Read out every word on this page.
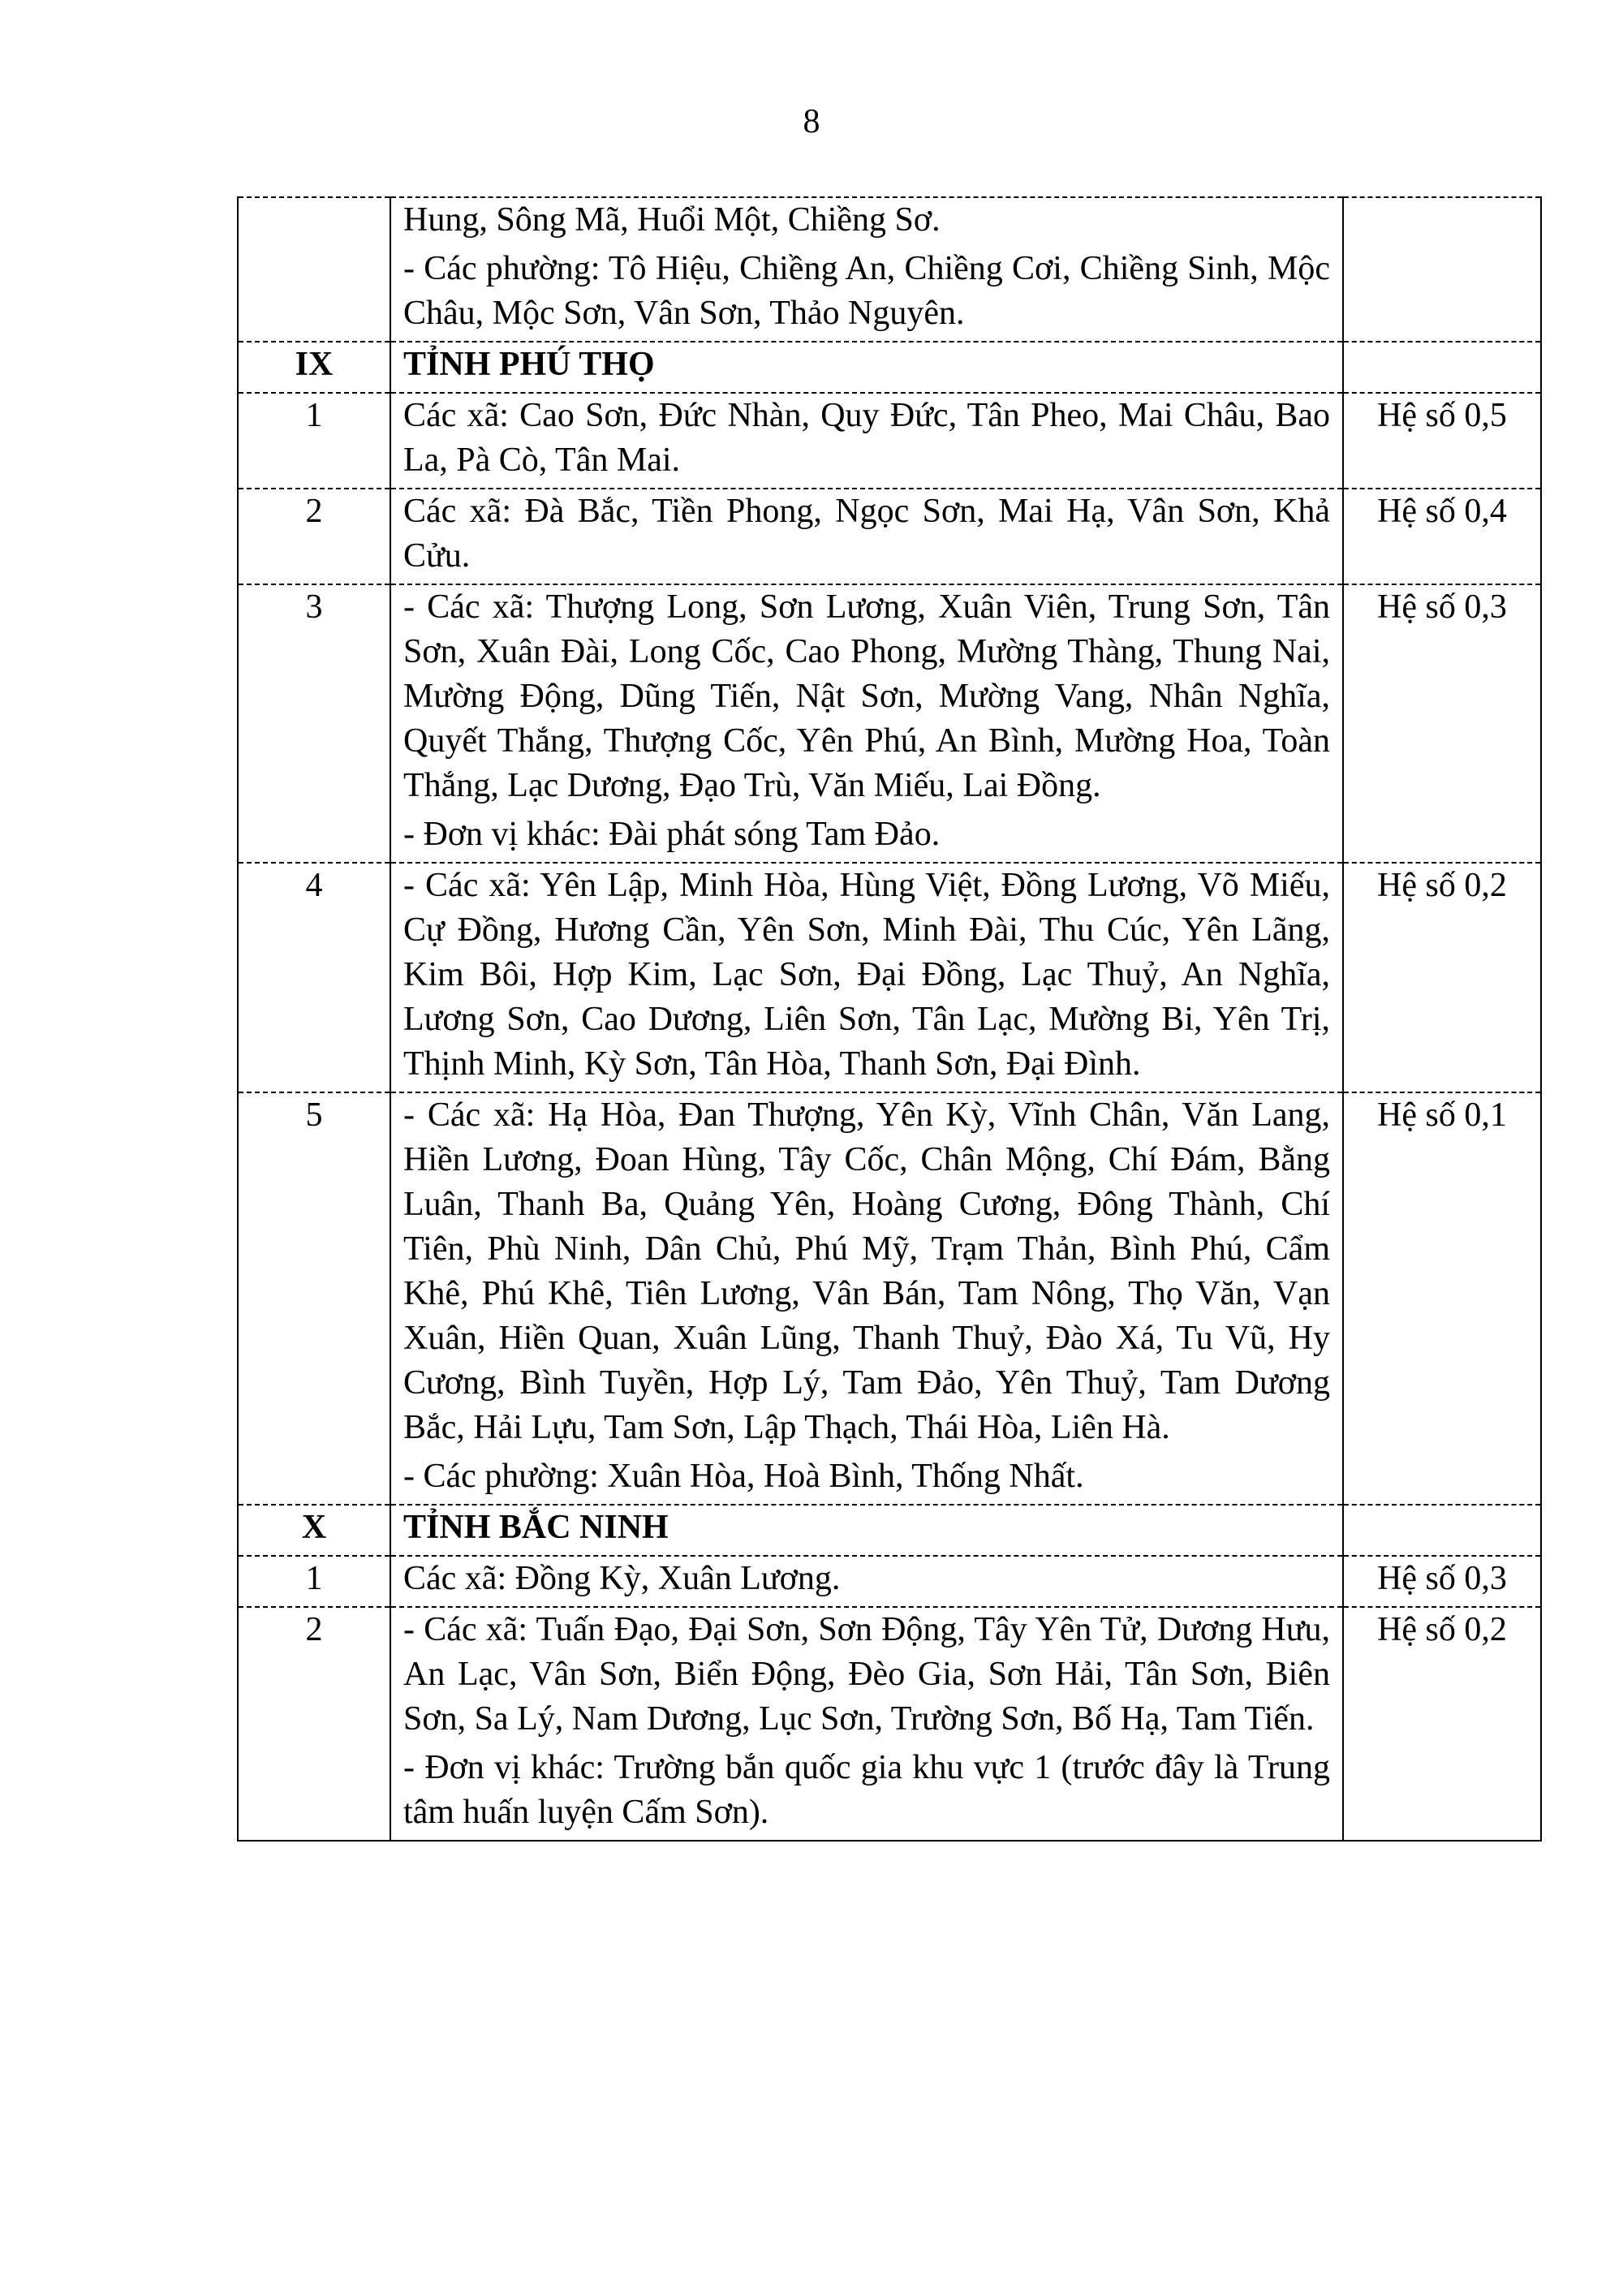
8

	Hung, Sông Mã, Huổi Một, Chiềng Sơ.

- Các phường: Tô Hiệu, Chiềng An, Chiềng Cơi, Chiềng Sinh, Mộc Châu, Mộc Sơn, Vân Sơn, Thảo Nguyên.	

IX	TỈNH PHÚ THỌ	
1	Các xã: Cao Sơn, Đức Nhàn, Quy Đức, Tân Pheo, Mai Châu, Bao La, Pà Cò, Tân Mai.	Hệ số 0,5
2	Các xã: Đà Bắc, Tiền Phong, Ngọc Sơn, Mai Hạ, Vân Sơn, Khả Cửu.	Hệ số 0,4
3	- Các xã: Thượng Long, Sơn Lương, Xuân Viên, Trung Sơn, Tân Sơn, Xuân Đài, Long Cốc, Cao Phong, Mường Thàng, Thung Nai, Mường Động, Dũng Tiến, Nật Sơn, Mường Vang, Nhân Nghĩa, Quyết Thắng, Thượng Cốc, Yên Phú, An Bình, Mường Hoa, Toàn Thắng, Lạc Dương, Đạo Trù, Văn Miếu, Lai Đồng.

- Đơn vị khác: Đài phát sóng Tam Đảo.	Hệ số 0,3
4	- Các xã: Yên Lập, Minh Hòa, Hùng Việt, Đồng Lương, Võ Miếu, Cự Đồng, Hương Cần, Yên Sơn, Minh Đài, Thu Cúc, Yên Lãng, Kim Bôi, Hợp Kim, Lạc Sơn, Đại Đồng, Lạc Thuỷ, An Nghĩa, Lương Sơn, Cao Dương, Liên Sơn, Tân Lạc, Mường Bi, Yên Trị, Thịnh Minh, Kỳ Sơn, Tân Hòa, Thanh Sơn, Đại Đình.	Hệ số 0,2
5	- Các xã: Hạ Hòa, Đan Thượng, Yên Kỳ, Vĩnh Chân, Văn Lang, Hiền Lương, Đoan Hùng, Tây Cốc, Chân Mộng, Chí Đám, Bằng Luân, Thanh Ba, Quảng Yên, Hoàng Cương, Đông Thành, Chí Tiên, Phù Ninh, Dân Chủ, Phú Mỹ, Trạm Thản, Bình Phú, Cẩm Khê, Phú Khê, Tiên Lương, Vân Bán, Tam Nông, Thọ Văn, Vạn Xuân, Hiền Quan, Xuân Lũng, Thanh Thuỷ, Đào Xá, Tu Vũ, Hy Cương, Bình Tuyền, Hợp Lý, Tam Đảo, Yên Thuỷ, Tam Dương Bắc, Hải Lựu, Tam Sơn, Lập Thạch, Thái Hòa, Liên Hà.

- Các phường: Xuân Hòa, Hoà Bình, Thống Nhất.	Hệ số 0,1
X	TỈNH BẮC NINH	
1	Các xã: Đồng Kỳ, Xuân Lương.	Hệ số 0,3
2	- Các xã: Tuấn Đạo, Đại Sơn, Sơn Động, Tây Yên Tử, Dương Hưu, An Lạc, Vân Sơn, Biển Động, Đèo Gia, Sơn Hải, Tân Sơn, Biên Sơn, Sa Lý, Nam Dương, Lục Sơn, Trường Sơn, Bố Hạ, Tam Tiến.

- Đơn vị khác: Trường bắn quốc gia khu vực 1 (trước đây là Trung tâm huấn luyện Cấm Sơn).	Hệ số 0,2
